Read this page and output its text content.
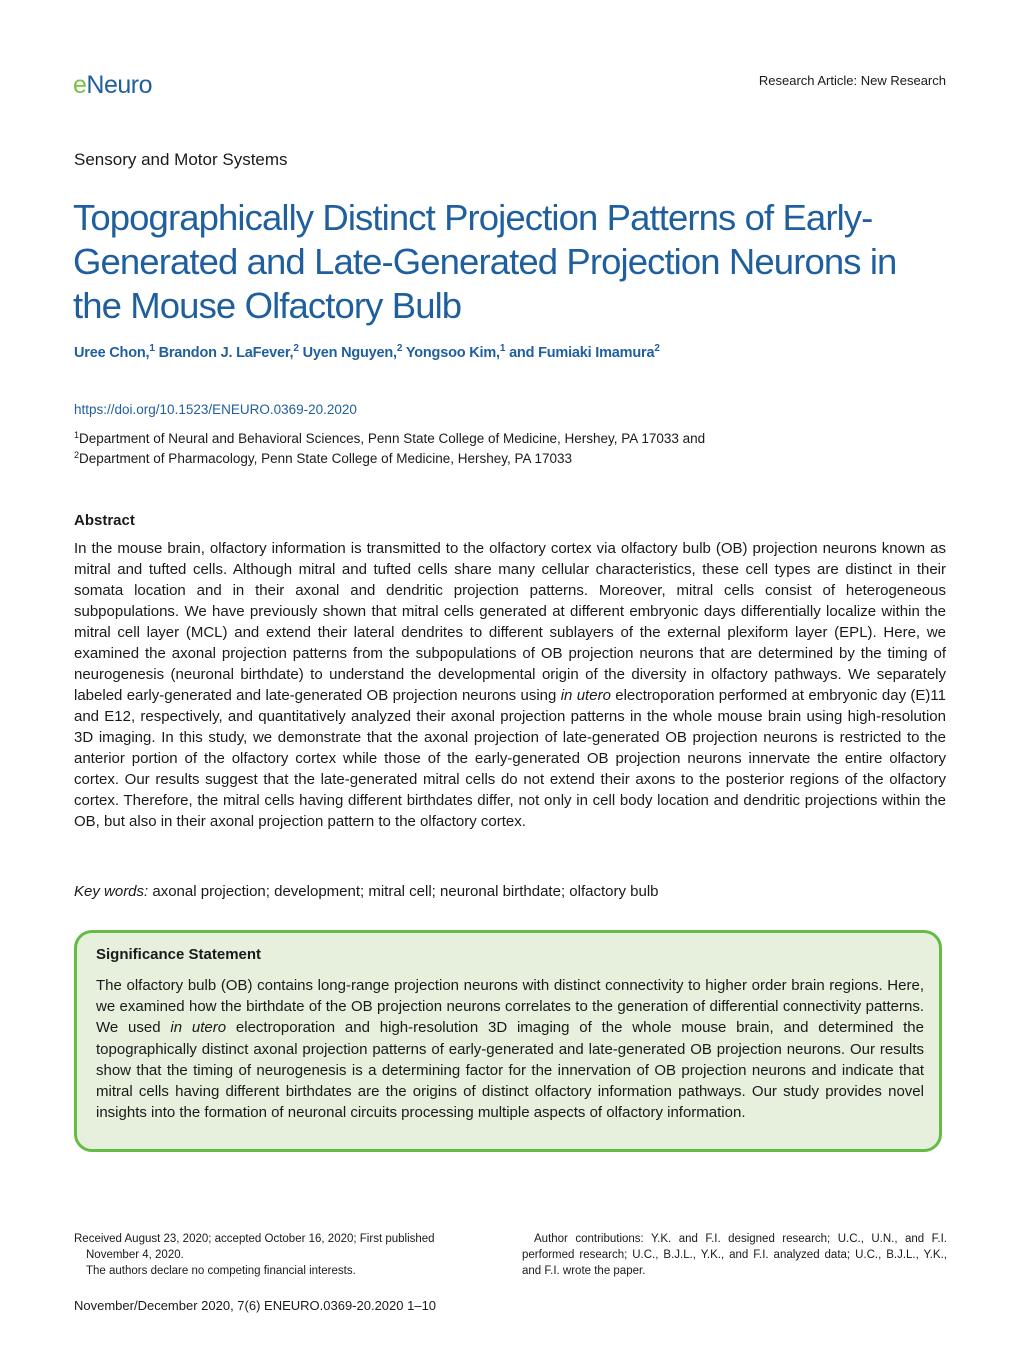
eNeuro	Research Article: New Research
Sensory and Motor Systems
Topographically Distinct Projection Patterns of Early-Generated and Late-Generated Projection Neurons in the Mouse Olfactory Bulb
Uree Chon,$^1$ Brandon J. LaFever,$^2$ Uyen Nguyen,$^2$ Yongsoo Kim,$^1$ and Fumiaki Imamura$^2$
https://doi.org/10.1523/ENEURO.0369-20.2020
$^1$Department of Neural and Behavioral Sciences, Penn State College of Medicine, Hershey, PA 17033 and
$^2$Department of Pharmacology, Penn State College of Medicine, Hershey, PA 17033
Abstract
In the mouse brain, olfactory information is transmitted to the olfactory cortex via olfactory bulb (OB) projection neurons known as mitral and tufted cells. Although mitral and tufted cells share many cellular characteristics, these cell types are distinct in their somata location and in their axonal and dendritic projection patterns. Moreover, mitral cells consist of heterogeneous subpopulations. We have previously shown that mitral cells generated at different embryonic days differentially localize within the mitral cell layer (MCL) and extend their lateral dendrites to different sublayers of the external plexiform layer (EPL). Here, we examined the axonal projection patterns from the subpopulations of OB projection neurons that are determined by the timing of neurogenesis (neuronal birthdate) to understand the developmental origin of the diversity in olfactory pathways. We separately labeled early-generated and late-generated OB projection neurons using in utero electroporation performed at embryonic day (E)11 and E12, respectively, and quantitatively analyzed their axonal projection patterns in the whole mouse brain using high-resolution 3D imaging. In this study, we demonstrate that the axonal projection of late-generated OB projection neurons is restricted to the anterior portion of the olfactory cortex while those of the early-generated OB projection neurons innervate the entire olfactory cortex. Our results suggest that the late-generated mitral cells do not extend their axons to the posterior regions of the olfactory cortex. Therefore, the mitral cells having different birthdates differ, not only in cell body location and dendritic projections within the OB, but also in their axonal projection pattern to the olfactory cortex.
Key words: axonal projection; development; mitral cell; neuronal birthdate; olfactory bulb
Significance Statement
The olfactory bulb (OB) contains long-range projection neurons with distinct connectivity to higher order brain regions. Here, we examined how the birthdate of the OB projection neurons correlates to the generation of differential connectivity patterns. We used in utero electroporation and high-resolution 3D imaging of the whole mouse brain, and determined the topographically distinct axonal projection patterns of early-generated and late-generated OB projection neurons. Our results show that the timing of neurogenesis is a determining factor for the innervation of OB projection neurons and indicate that mitral cells having different birthdates are the origins of distinct olfactory information pathways. Our study provides novel insights into the formation of neuronal circuits processing multiple aspects of olfactory information.
Received August 23, 2020; accepted October 16, 2020; First published
November 4, 2020.
The authors declare no competing financial interests.
Author contributions: Y.K. and F.I. designed research; U.C., U.N., and F.I. performed research; U.C., B.J.L., Y.K., and F.I. analyzed data; U.C., B.J.L., Y.K., and F.I. wrote the paper.
November/December 2020, 7(6) ENEURO.0369-20.2020 1–10
